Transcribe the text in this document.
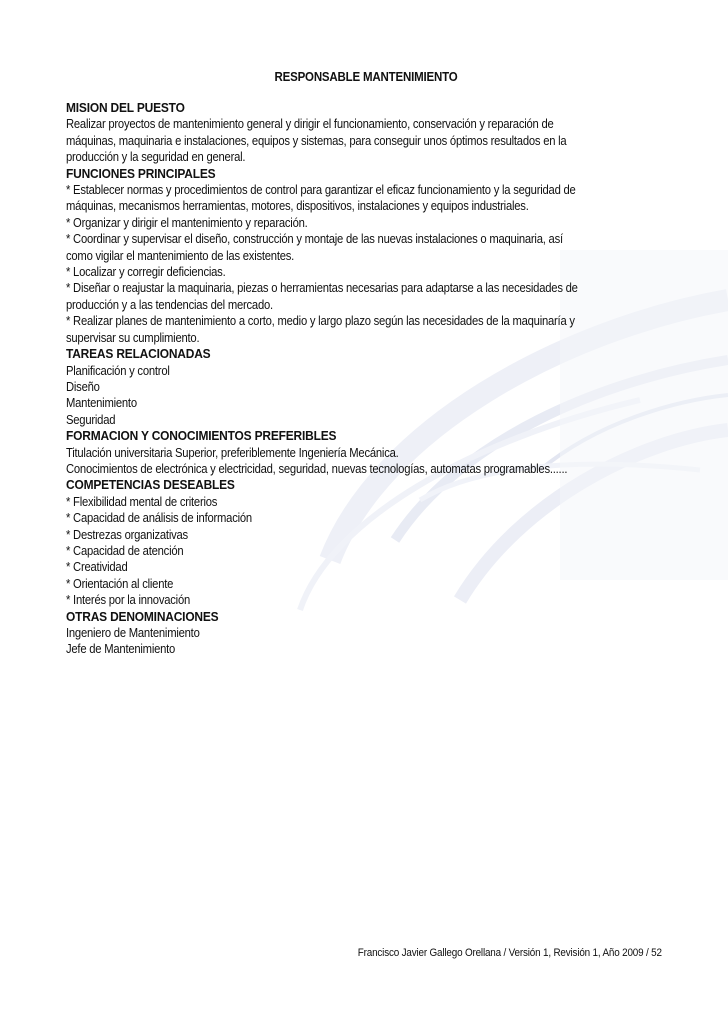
RESPONSABLE MANTENIMIENTO

MISION DEL PUESTO

Realizar proyectos de mantenimiento general y dirigir el funcionamiento, conservación y reparación de

máquinas, maquinaria e instalaciones, equipos y sistemas, para conseguir unos óptimos resultados en la

producción y la seguridad en general.

FUNCIONES PRINCIPALES

* Establecer normas y procedimientos de control para garantizar el eficaz funcionamiento y la seguridad de

máquinas, mecanismos herramientas, motores, dispositivos, instalaciones y equipos industriales.

* Organizar y dirigir el mantenimiento y reparación.

* Coordinar y supervisar el diseño, construcción y montaje de las nuevas instalaciones o maquinaria, así

como vigilar el mantenimiento de las existentes.

* Localizar y corregir deficiencias.

* Diseñar o reajustar la maquinaria, piezas o herramientas necesarias para adaptarse a las necesidades de

producción y a las tendencias del mercado.

* Realizar planes de mantenimiento a corto, medio y largo plazo según las necesidades de la maquinaría y

supervisar su cumplimiento.

TAREAS RELACIONADAS

Planificación y control

Diseño

Mantenimiento

Seguridad

FORMACION Y CONOCIMIENTOS PREFERIBLES

Titulación universitaria Superior, preferiblemente Ingeniería Mecánica.

Conocimientos de electrónica y electricidad, seguridad, nuevas tecnologías, automatas programables......

COMPETENCIAS DESEABLES

* Flexibilidad mental de criterios

* Capacidad de análisis de información

* Destrezas organizativas

* Capacidad de atención

* Creatividad

* Orientación al cliente

* Interés por la innovación

OTRAS DENOMINACIONES

Ingeniero de Mantenimiento

Jefe de Mantenimiento

Francisco Javier Gallego Orellana / Versión 1, Revisión 1, Año 2009 / 52
